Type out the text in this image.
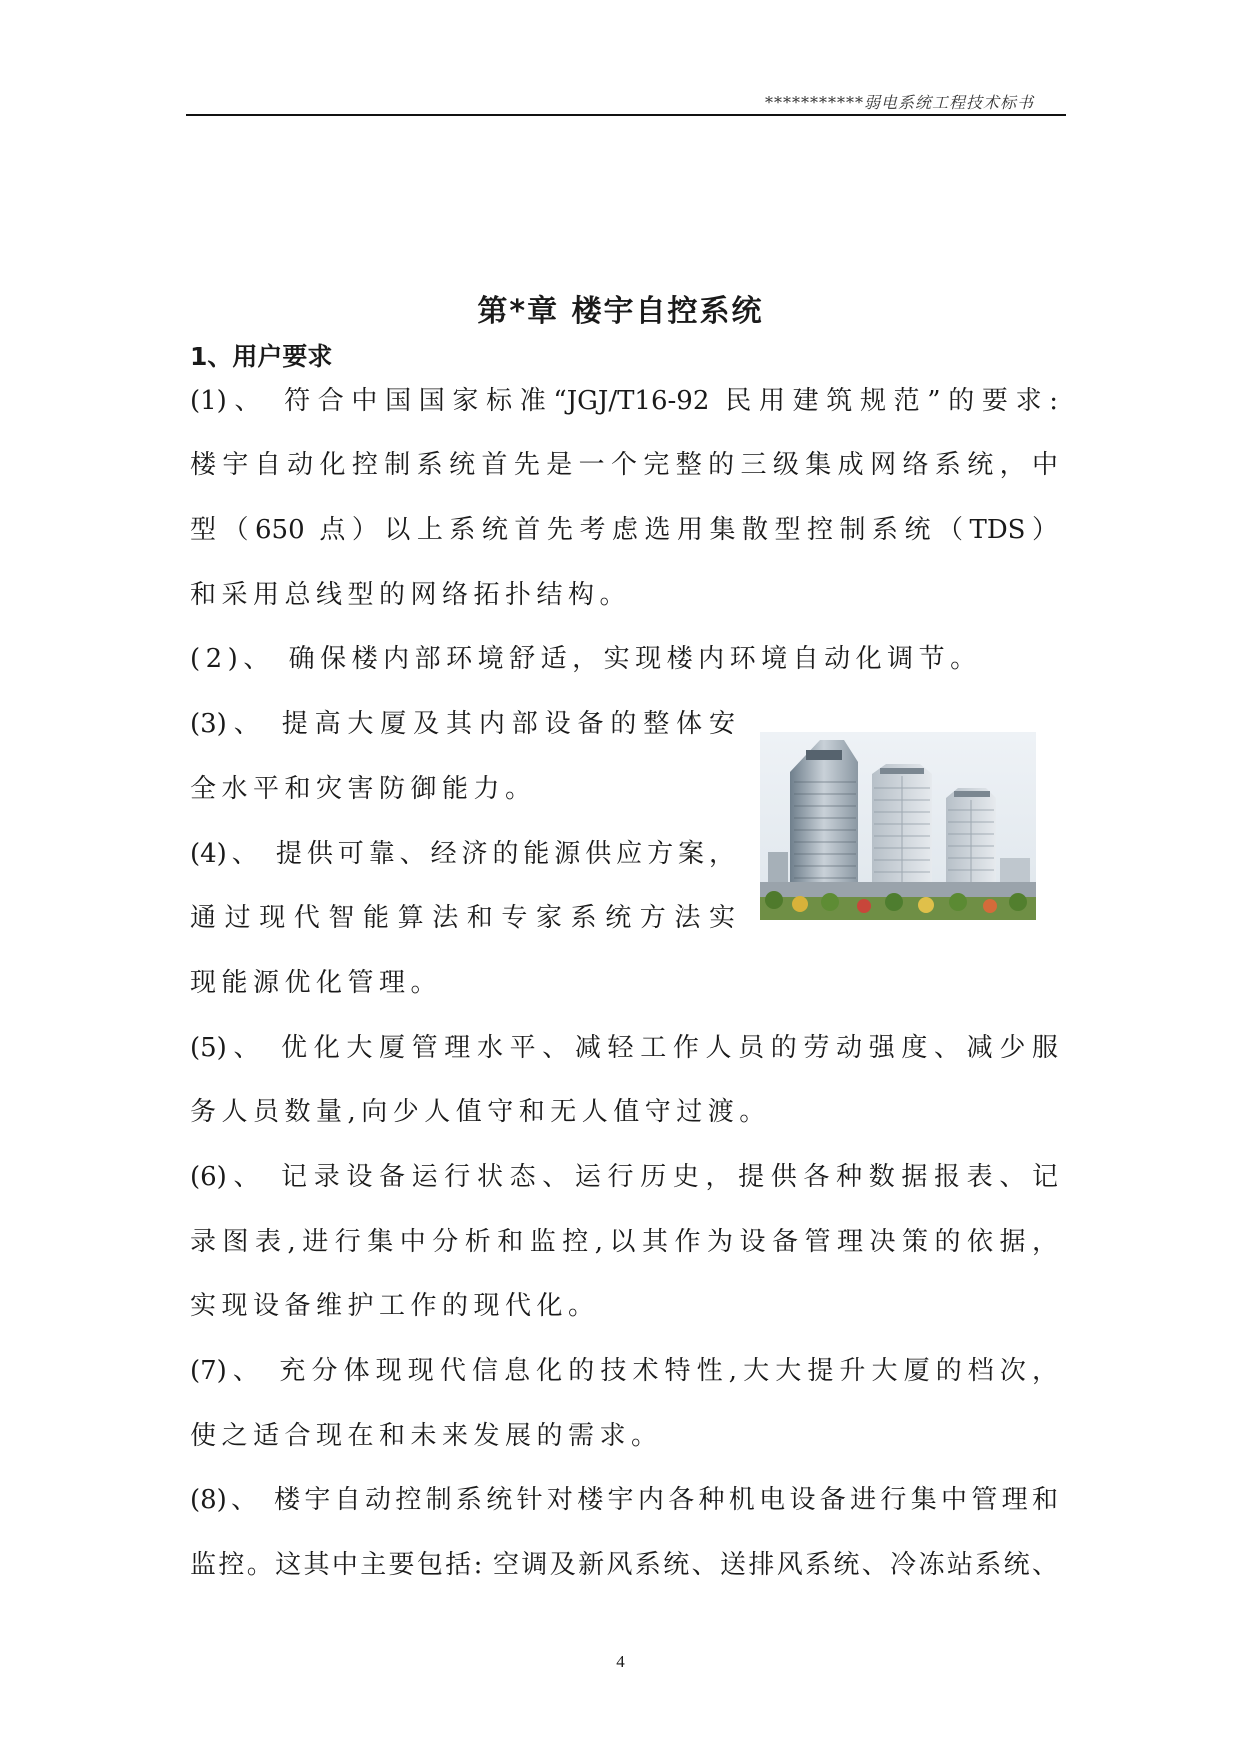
***********弱电系统工程技术标书
第*章 楼宇自控系统
1、用户要求
(1)、 符合中国国家标准“JGJ/T16-92 民用建筑规范”的要求:
楼宇自动化控制系统首先是一个完整的三级集成网络系统，中
型（650 点）以上系统首先考虑选用集散型控制系统（TDS）
和采用总线型的网络拓扑结构。
(2)、 确保楼内部环境舒适，实现楼内环境自动化调节。
(3)、 提高大厦及其内部设备的整体安
全水平和灾害防御能力。
(4)、 提供可靠、经济的能源供应方案，
通过现代智能算法和专家系统方法实
现能源优化管理。
(5)、 优化大厦管理水平、减轻工作人员的劳动强度、减少服
务人员数量,向少人值守和无人值守过渡。
(6)、 记录设备运行状态、运行历史，提供各种数据报表、记
录图表,进行集中分析和监控,以其作为设备管理决策的依据，
实现设备维护工作的现代化。
(7)、 充分体现现代信息化的技术特性,大大提升大厦的档次，
使之适合现在和未来发展的需求。
(8)、 楼宇自动控制系统针对楼宇内各种机电设备进行集中管理和
监控。这其中主要包括: 空调及新风系统、送排风系统、冷冻站系统、
4
